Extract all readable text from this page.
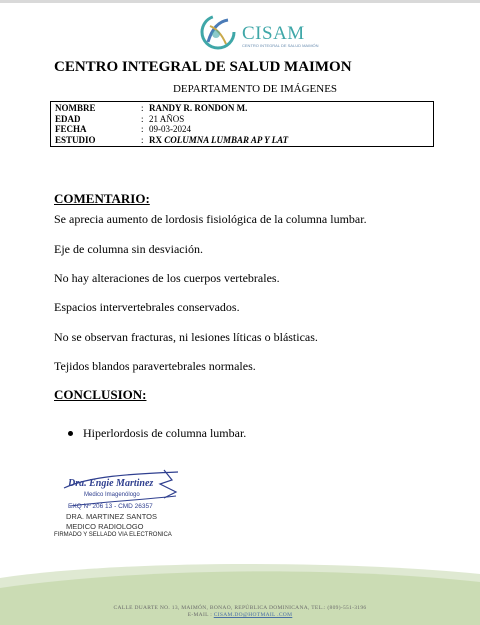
CISAM
CENTRO INTEGRAL DE SALUD MAIMÓN
CENTRO INTEGRAL DE SALUD MAIMON
DEPARTAMENTO DE IMÁGENES
NOMBRE	: RANDY R. RONDON M.
EDAD	: 21 AÑOS
FECHA	: 09-03-2024
ESTUDIO	: RX COLUMNA LUMBAR AP Y LAT
COMENTARIO:
Se aprecia aumento de lordosis fisiológica de la columna lumbar.
Eje de columna sin desviación.
No hay alteraciones de los cuerpos vertebrales.
Espacios intervertebrales conservados.
No se observan fracturas, ni lesiones líticas o blásticas.
Tejidos blandos paravertebrales normales.
CONCLUSION:
Hiperlordosis de columna lumbar.
Dra. Engie Martinez
Medico Imagenólogo
EXQ Nº 206 13 - CMD 26357
DRA. MARTINEZ SANTOS
MEDICO RADIOLOGO
FIRMADO Y SELLADO VIA ELECTRONICA
CALLE DUARTE NO. 13, MAIMÓN, BONAO, REPÚBLICA DOMINICANA, TEL.: (809)-551-3196
E-MAIL : CISAM.DO@HOTMAIL .COM
